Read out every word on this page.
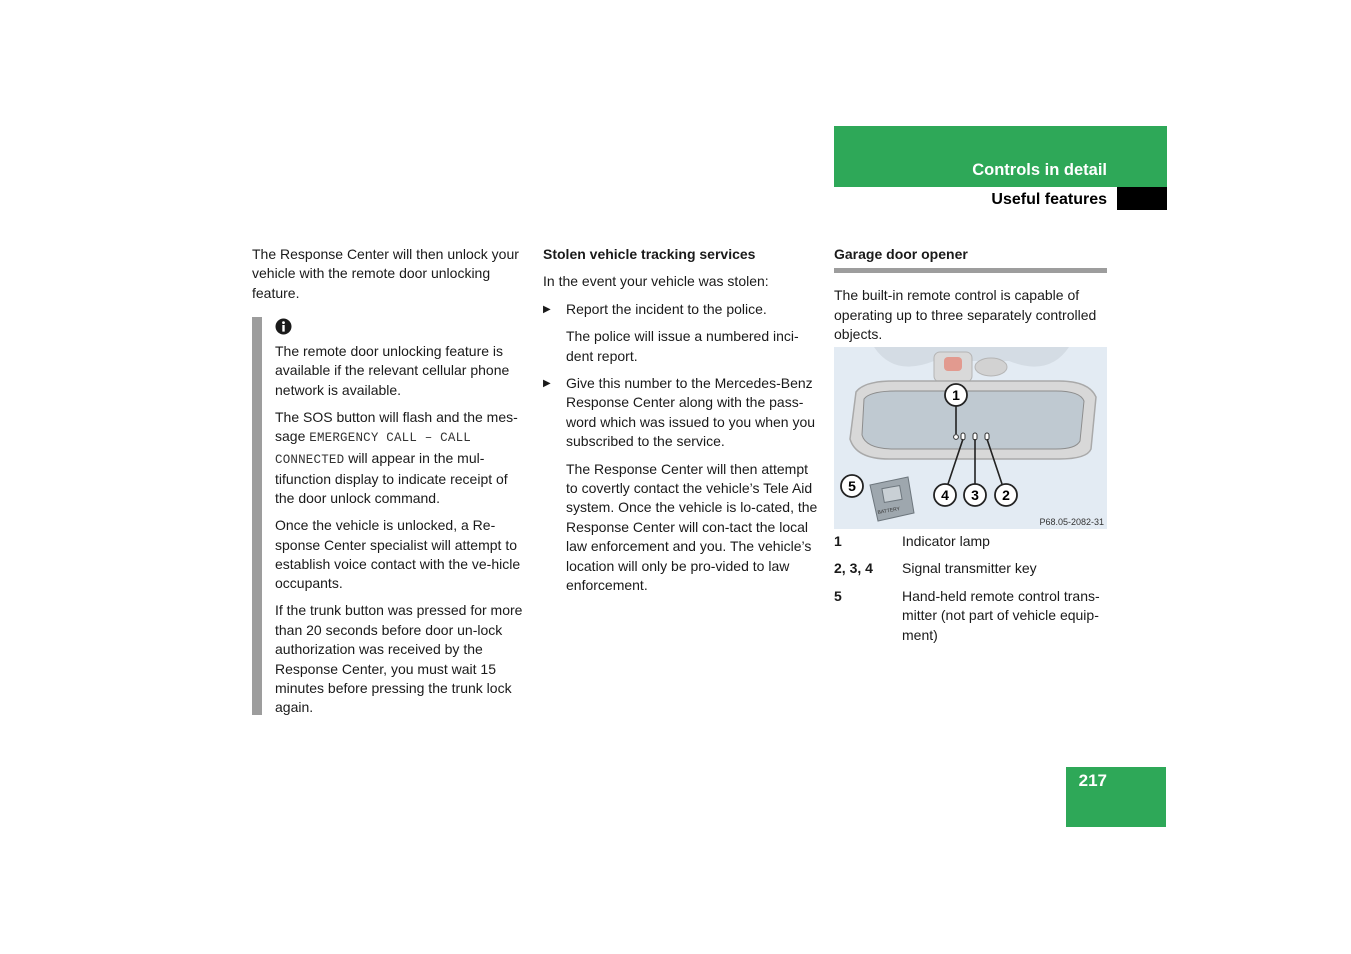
Controls in detail
Useful features

The Response Center will then unlock your vehicle with the remote door unlocking feature.

The remote door unlocking feature is available if the relevant cellular phone network is available.

The SOS button will flash and the mes-sage EMERGENCY CALL – CALL CONNECTED will appear in the mul-tifunction display to indicate receipt of the door unlock command.

Once the vehicle is unlocked, a Re-sponse Center specialist will attempt to establish voice contact with the ve-hicle occupants.

If the trunk button was pressed for more than 20 seconds before door un-lock authorization was received by the Response Center, you must wait 15 minutes before pressing the trunk lock again.

Stolen vehicle tracking services

In the event your vehicle was stolen:

▶ Report the incident to the police.

The police will issue a numbered inci-dent report.

▶ Give this number to the Mercedes-Benz Response Center along with the pass-word which was issued to you when you subscribed to the service.

The Response Center will then attempt to covertly contact the vehicle’s Tele Aid system. Once the vehicle is lo-cated, the Response Center will con-tact the local law enforcement and you. The vehicle’s location will only be pro-vided to law enforcement.

Garage door opener

The built-in remote control is capable of operating up to three separately controlled objects.

1
4 3 2
BATTERY
5
P68.05-2082-31
1	Indicator lamp
2, 3, 4 Signal transmitter key
5	Hand-held remote control trans-mitter (not part of vehicle equip-ment)
217
